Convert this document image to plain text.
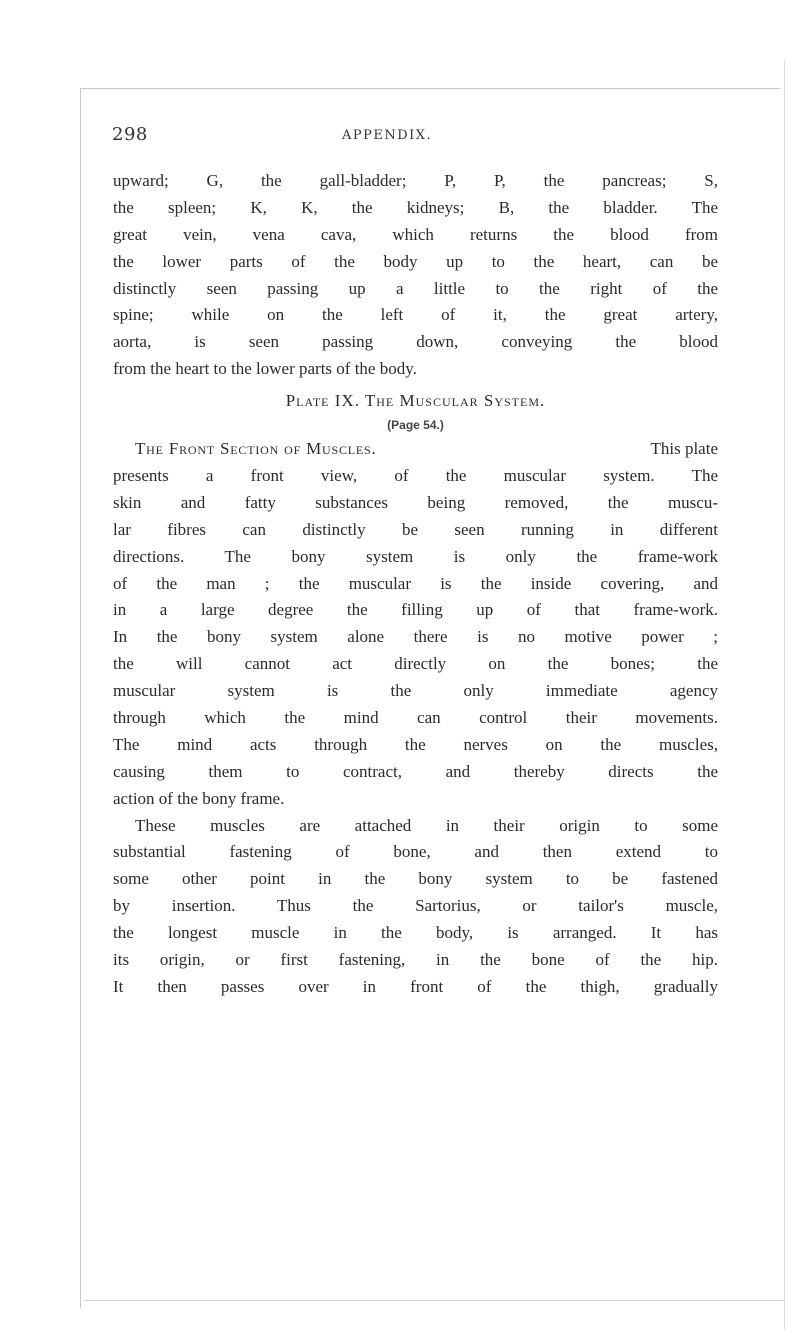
298	APPENDIX.
upward; G, the gall-bladder; P, P, the pancreas; S,
the spleen; K, K, the kidneys; B, the bladder. The
great vein, vena cava, which returns the blood from
the lower parts of the body up to the heart, can be
distinctly seen passing up a little to the right of the
spine; while on the left of it, the great artery,
aorta, is seen passing down, conveying the blood
from the heart to the lower parts of the body.
Plate IX. The Muscular System.
(Page 54.)
The Front Section of Muscles.	This plate
presents a front view, of the muscular system. The
skin and fatty substances being removed, the muscu-
lar fibres can distinctly be seen running in different
directions. The bony system is only the frame-work
of the man ; the muscular is the inside covering, and
in a large degree the filling up of that frame-work.
In the bony system alone there is no motive power ;
the will cannot act directly on the bones; the
muscular system is the only immediate agency
through which the mind can control their movements.
The mind acts through the nerves on the muscles,
causing them to contract, and thereby directs the
action of the bony frame.
These muscles are attached in their origin to some
substantial fastening of bone, and then extend to
some other point in the bony system to be fastened
by insertion. Thus the Sartorius, or tailor's muscle,
the longest muscle in the body, is arranged. It has
its origin, or first fastening, in the bone of the hip.
It then passes over in front of the thigh, gradually
